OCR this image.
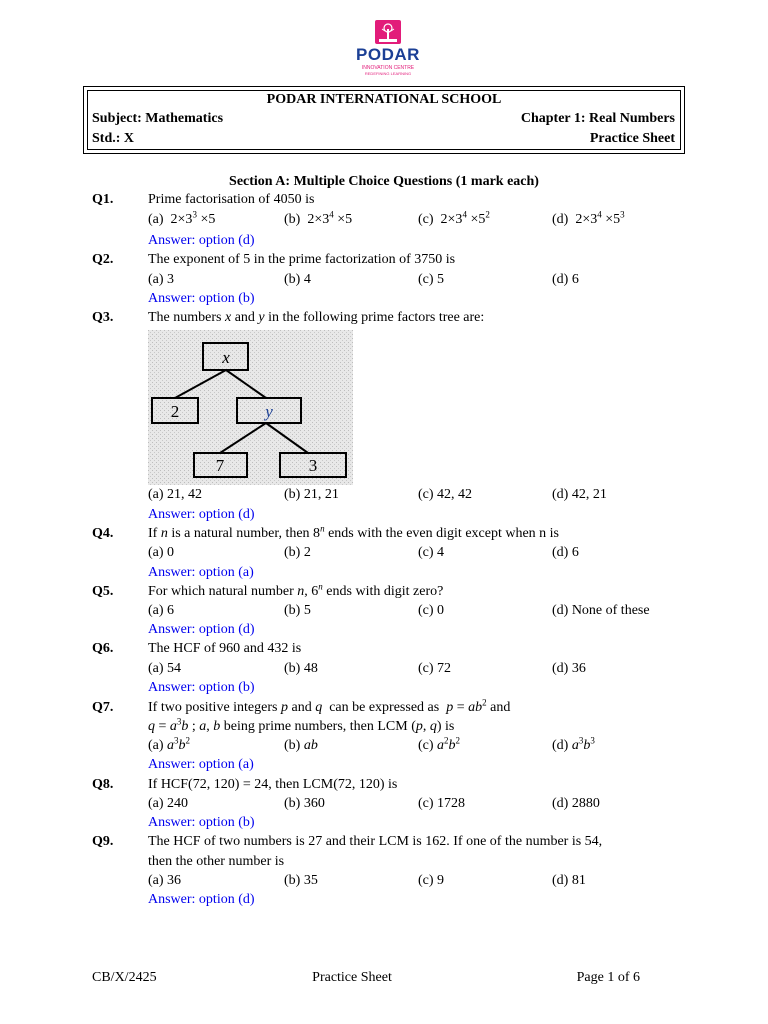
PODAR
INNOVATION CENTRE
REDEFINING LEARNING
PODAR INTERNATIONAL SCHOOL
Subject: Mathematics	Chapter 1: Real Numbers
Std.: X	Practice Sheet
Section A: Multiple Choice Questions (1 mark each)
Q1. Prime factorisation of 4050 is
(a)  $2\times 3^3 \times 5$	(b)  $2\times 3^4 \times 5$	(c)  $2\times 3^4 \times 5^2$	(d)  $2\times 3^4 \times 5^3$
Answer: option (d)
Q2. The exponent of 5 in the prime factorization of 3750 is
(a) 3	(b) 4	(c) 5	(d) 6
Answer: option (b)
Q3. The numbers x and y in the following prime factors tree are:
x
2	y
7	3
(a) 21, 42	(b) 21, 21	(c) 42, 42	(d) 42, 21
Answer: option (d)
Q4. If n is a natural number, then 8$^n$ ends with the even digit except when n is
(a) 0	(b) 2	(c) 4	(d) 6
Answer: option (a)
Q5. For which natural number n, 6$^n$ ends with digit zero?
(a) 6	(b) 5	(c) 0	(d) None of these
Answer: option (d)
Q6. The HCF of 960 and 432 is
(a) 54	(b) 48	(c) 72	(d) 36
Answer: option (b)
Q7. If two positive integers p and q  can be expressed as  $p = ab^2$ and
$q = a^3b$ ; a, b being prime numbers, then LCM (p, q) is
(a) $a^3b^2$	(b) ab	(c) $a^2b^2$	(d) $a^3b^3$
Answer: option (a)
Q8. If HCF(72, 120) = 24, then LCM(72, 120) is
(a) 240	(b) 360	(c) 1728	(d) 2880
Answer: option (b)
Q9. The HCF of two numbers is 27 and their LCM is 162. If one of the number is 54,
then the other number is
(a) 36	(b) 35	(c) 9	(d) 81
Answer: option (d)
CB/X/2425	Practice Sheet	Page 1 of 6
